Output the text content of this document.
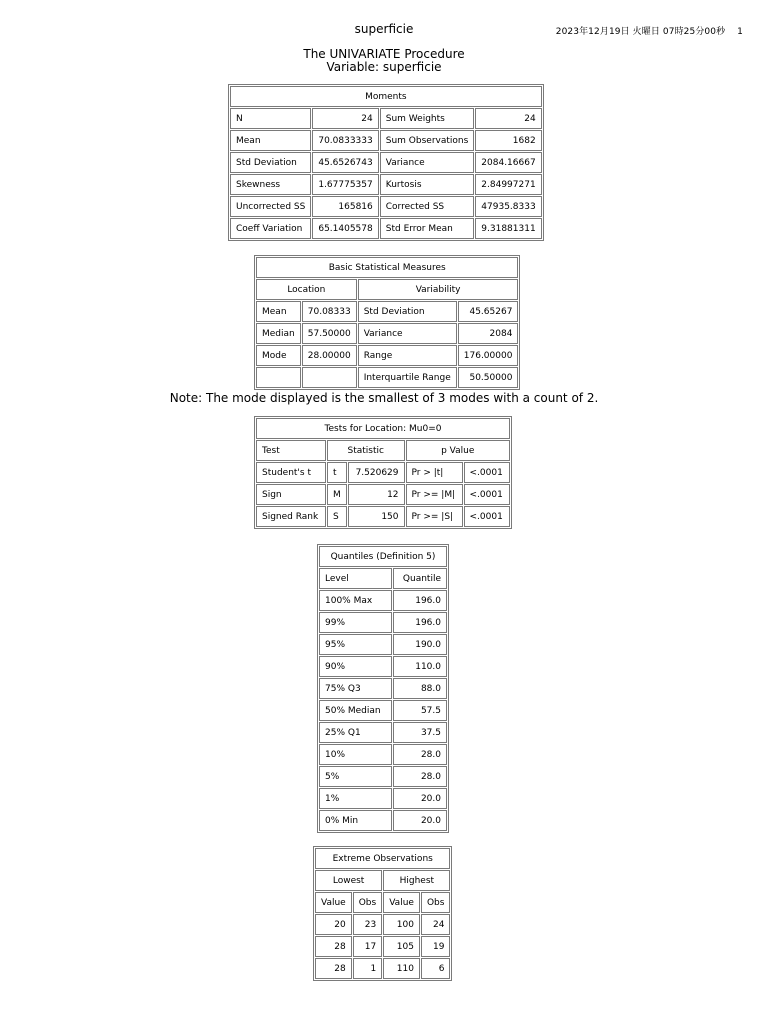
superficie	2023年12月19日 火曜日 07時25分00秒 1
The UNIVARIATE Procedure
Variable: superficie
Moments			
N	24	Sum Weights	24
Mean	70.0833333	Sum Observations	1682
Std Deviation	45.6526743	Variance	2084.16667
Skewness	1.67775357	Kurtosis	2.84997271
Uncorrected SS	165816	Corrected SS	47935.8333
Coeff Variation	65.1405578	Std Error Mean	9.31881311
Basic Statistical Measures			
Location		Variability	
Mean	70.08333	Std Deviation	45.65267
Median	57.50000	Variance	2084
Mode	28.00000	Range	176.00000
		Interquartile Range	50.50000
Note: The mode displayed is the smallest of 3 modes with a count of 2.
Tests for Location: Mu0=0				
Test	Statistic		p Value	
Student's t	t	7.520629	Pr > |t|	<.0001
Sign	M	12	Pr >= |M|	<.0001
Signed Rank	S	150	Pr >= |S|	<.0001
Quantiles (Definition 5)	
Level	Quantile
100% Max	196.0
99%	196.0
95%	190.0
90%	110.0
75% Q3	88.0
50% Median	57.5
25% Q1	37.5
10%	28.0
5%	28.0
1%	20.0
0% Min	20.0
Extreme Observations			
Lowest		Highest	
Value	Obs	Value	Obs
20	23	100	24
28	17	105	19
28	1	110	6
